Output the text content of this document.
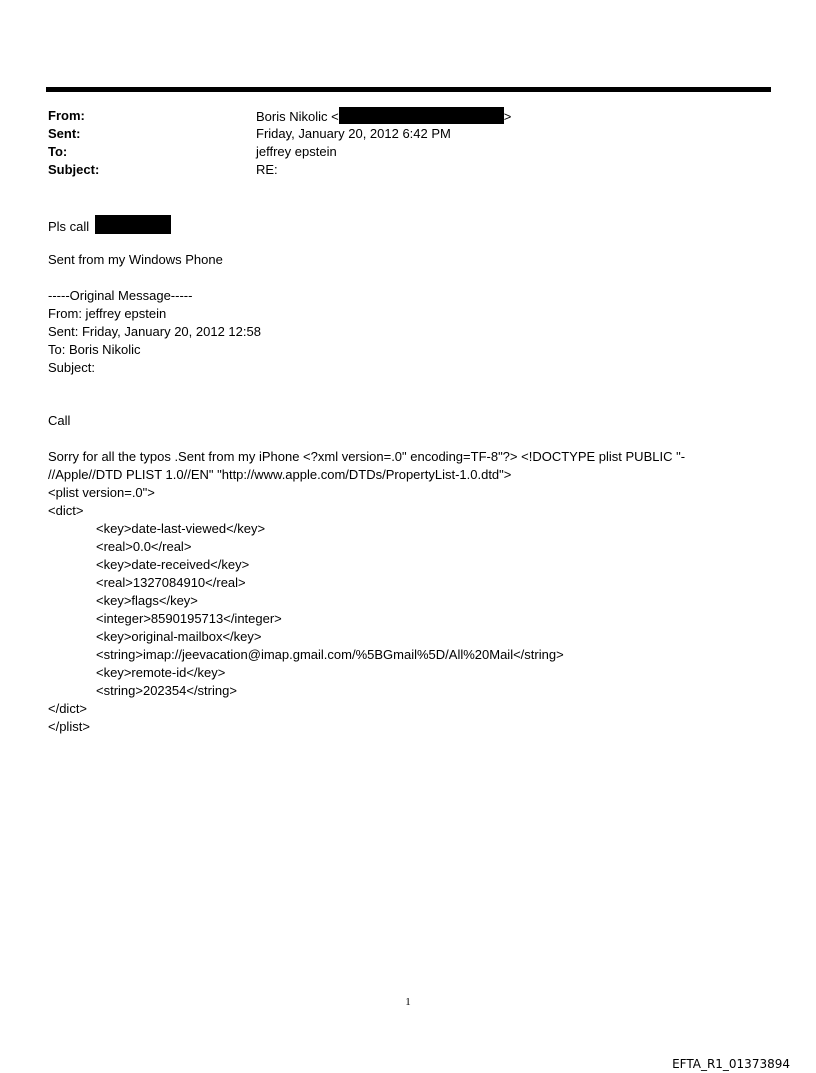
From:	Boris Nikolic <	>
Sent:	Friday, January 20, 2012 6:42 PM
To:	jeffrey epstein
Subject:	RE:
Pls call
Sent from my Windows Phone
-----Original Message-----
From: jeffrey epstein
Sent: Friday, January 20, 2012 12:58
To: Boris Nikolic
Subject:
Call
Sorry for all the typos .Sent from my iPhone <?xml version=.0" encoding=TF-8"?> <!DOCTYPE plist PUBLIC "-
//Apple//DTD PLIST 1.0//EN" "http://www.apple.com/DTDs/PropertyList-1.0.dtd">
<plist version=.0">
<dict>
<key>date-last-viewed</key>
<real>0.0</real>
<key>date-received</key>
<real>1327084910</real>
<key>flags</key>
<integer>8590195713</integer>
<key>original-mailbox</key>
<string>imap://jeevacation@imap.gmail.com/%5BGmail%5D/All%20Mail</string>
<key>remote-id</key>
<string>202354</string>
</dict>
</plist>
1
EFTA_R1_01373894
